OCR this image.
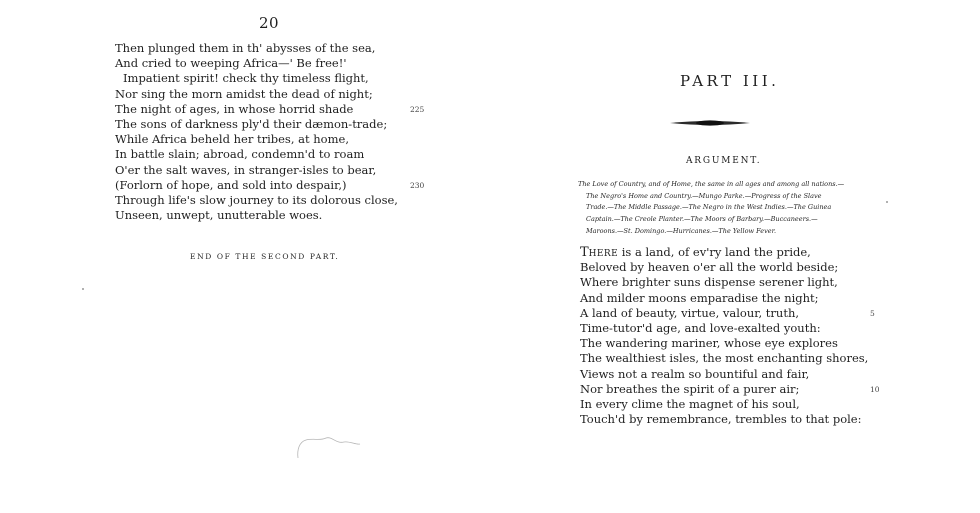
20
Then plunged them in th' abysses of the sea,
And cried to weeping Africa—' Be free!'
Impatient spirit! check thy timeless flight,
Nor sing the morn amidst the dead of night;
The night of ages, in whose horrid shade	225
The sons of darkness ply'd their dæmon-trade;
While Africa beheld her tribes, at home,
In battle slain; abroad, condemn'd to roam
O'er the salt waves, in stranger-isles to bear,
(Forlorn of hope, and sold into despair,)	230
Through life's slow journey to its dolorous close,
Unseen, unwept, unutterable woes.
END OF THE SECOND PART.
PART III.
ARGUMENT.
The Love of Country, and of Home, the same in all ages and among all nations.—
The Negro's Home and Country.—Mungo Parke.—Progress of the Slave
Trade.—The Middle Passage.—The Negro in the West Indies.—The Guinea
Captain.—The Creole Planter.—The Moors of Barbary.—Buccaneers.—
Maroons.—St. Domingo.—Hurricanes.—The Yellow Fever.
THERE is a land, of ev'ry land the pride,
Beloved by heaven o'er all the world beside;
Where brighter suns dispense serener light,
And milder moons emparadise the night;
A land of beauty, virtue, valour, truth,	5
Time-tutor'd age, and love-exalted youth:
The wandering mariner, whose eye explores
The wealthiest isles, the most enchanting shores,
Views not a realm so bountiful and fair,
Nor breathes the spirit of a purer air;	10
In every clime the magnet of his soul,
Touch'd by remembrance, trembles to that pole:
